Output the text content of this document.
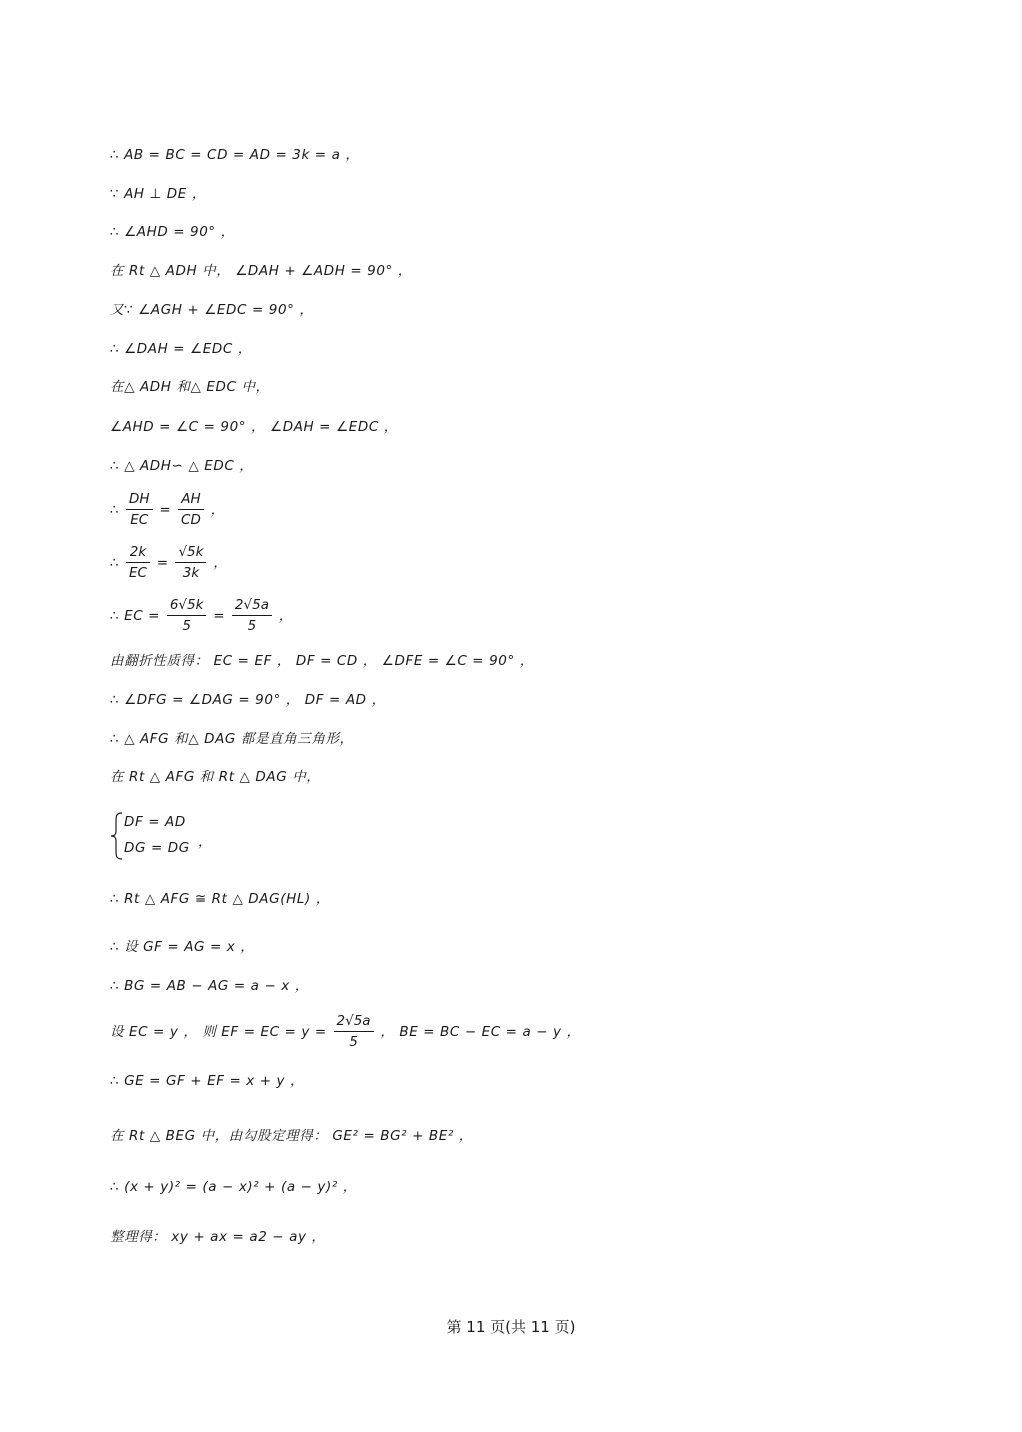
∴ AB = BC = CD = AD = 3k = a ，
∵ AH ⊥ DE ，
∴ ∠AHD = 90° ，
在 Rt △ ADH 中， ∠DAH + ∠ADH = 90° ，
又∵ ∠AGH + ∠EDC = 90° ，
∴ ∠DAH = ∠EDC ，
在△ ADH 和△ EDC 中，
∠AHD = ∠C = 90° ， ∠DAH = ∠EDC ，
∴ △ ADH∽ △ EDC ，
∴ $\frac{DH}{EC} = \frac{AH}{CD}$ ，
∴ $\frac{2k}{EC} = \frac{√5k}{3k}$ ，
∴ EC = $\frac{6√5k}{5} = \frac{2√5a}{5}$ ，
由翻折性质得： EC = EF ， DF = CD ， ∠DFE = ∠C = 90° ，
∴ ∠DFG = ∠DAG = 90° ， DF = AD ，
∴ △ AFG 和△ DAG 都是直角三角形，
在 Rt △ AFG 和 Rt △ DAG 中，
DF = AD
DG = DG ，
∴ Rt △ AFG ≅ Rt △ DAG(HL) ，
∴ 设 GF = AG = x ，
∴ BG = AB − AG = a − x ，
设 EC = y ， 则 EF = EC = $y = \frac{2√5a}{5}$ ， BE = BC − EC = a − y ，
∴ GE = GF + EF = x + y ，
在 Rt △ BEG 中，由勾股定理得： GE² = BG² + BE² ，
∴ (x + y)² = (a − x)² + (a − y)² ，
整理得： xy + ax = a2 − ay ，
第 11 页(共 11 页)
